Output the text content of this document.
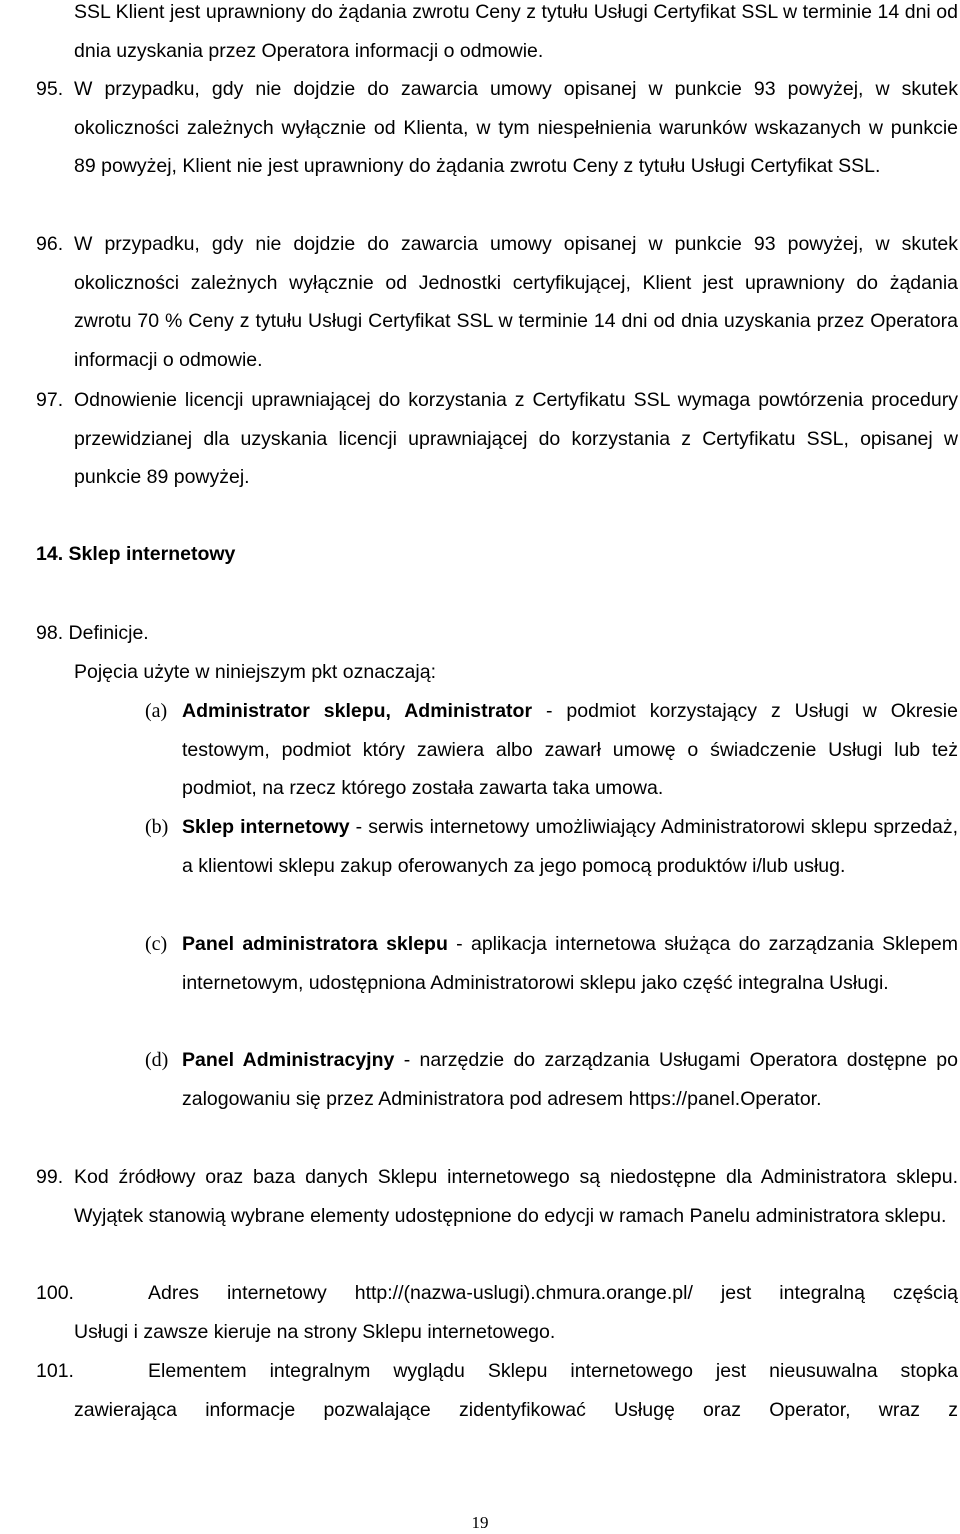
SSL Klient jest uprawniony do żądania zwrotu Ceny z tytułu Usługi Certyfikat SSL w terminie 14 dni od dnia uzyskania przez Operatora informacji o odmowie.
95. W przypadku, gdy nie dojdzie do zawarcia umowy opisanej w punkcie 93 powyżej, w skutek okoliczności zależnych wyłącznie od Klienta, w tym niespełnienia warunków wskazanych w punkcie 89 powyżej, Klient nie jest uprawniony do żądania zwrotu Ceny z tytułu Usługi Certyfikat SSL.
96. W przypadku, gdy nie dojdzie do zawarcia umowy opisanej w punkcie 93 powyżej, w skutek okoliczności zależnych wyłącznie od Jednostki certyfikującej, Klient jest uprawniony do żądania zwrotu 70 % Ceny z tytułu Usługi Certyfikat SSL w terminie 14 dni od dnia uzyskania przez Operatora informacji o odmowie.
97. Odnowienie licencji uprawniającej do korzystania z Certyfikatu SSL wymaga powtórzenia procedury przewidzianej dla uzyskania licencji uprawniającej do korzystania z Certyfikatu SSL, opisanej w punkcie 89 powyżej.
14. Sklep internetowy
98. Definicje.
Pojęcia użyte w niniejszym pkt oznaczają:
(a) Administrator sklepu, Administrator - podmiot korzystający z Usługi w Okresie testowym, podmiot który zawiera albo zawarł umowę o świadczenie Usługi lub też podmiot, na rzecz którego została zawarta taka umowa.
(b) Sklep internetowy - serwis internetowy umożliwiający Administratorowi sklepu sprzedaż, a klientowi sklepu zakup oferowanych za jego pomocą produktów i/lub usług.
(c) Panel administratora sklepu - aplikacja internetowa służąca do zarządzania Sklepem internetowym, udostępniona Administratorowi sklepu jako część integralna Usługi.
(d) Panel Administracyjny - narzędzie do zarządzania Usługami Operatora dostępne po zalogowaniu się przez Administratora pod adresem https://panel.Operator.
99. Kod źródłowy oraz baza danych Sklepu internetowego są niedostępne dla Administratora sklepu. Wyjątek stanowią wybrane elementy udostępnione do edycji w ramach Panelu administratora sklepu.
100.	Adres internetowy http://(nazwa-uslugi).chmura.orange.pl/ jest integralną częścią
Usługi i zawsze kieruje na strony Sklepu internetowego.
101.	Elementem integralnym wyglądu Sklepu internetowego jest nieusuwalna stopka
zawierająca informacje pozwalające zidentyfikować Usługę oraz Operator, wraz z
19
